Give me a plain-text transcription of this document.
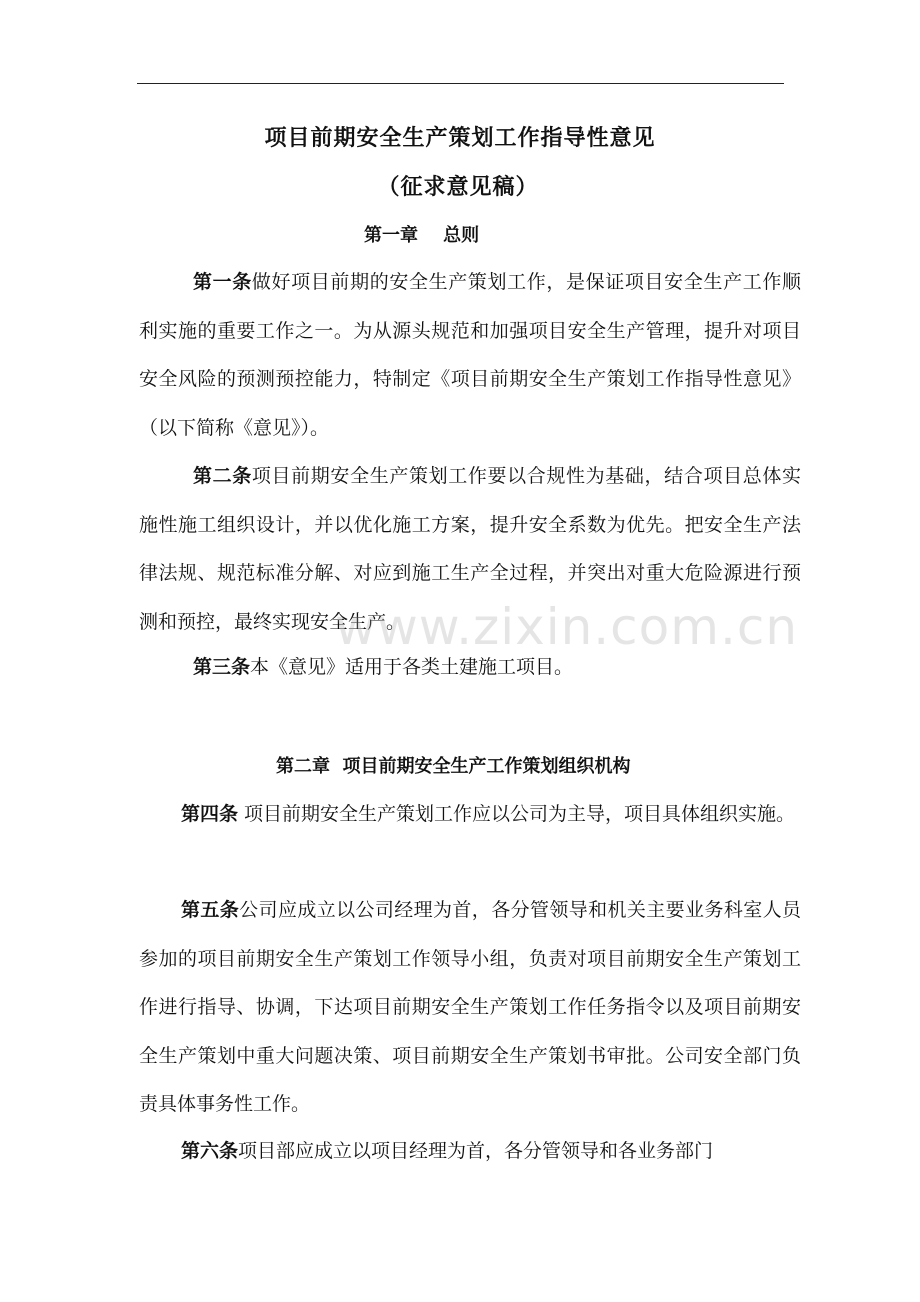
项目前期安全生产策划工作指导性意见
（征求意见稿）
第一章    总则

第一条做好项目前期的安全生产策划工作，是保证项目安全生产工作顺利实施的重要工作之一。为从源头规范和加强项目安全生产管理，提升对项目安全风险的预测预控能力，特制定《项目前期安全生产策划工作指导性意见》（以下简称《意见》）。

第二条项目前期安全生产策划工作要以合规性为基础，结合项目总体实施性施工组织设计，并以优化施工方案，提升安全系数为优先。把安全生产法律法规、规范标准分解、对应到施工生产全过程，并突出对重大危险源进行预测和预控，最终实现安全生产。

第三条本《意见》适用于各类土建施工项目。

第二章  项目前期安全生产工作策划组织机构

第四条 项目前期安全生产策划工作应以公司为主导，项目具体组织实施。

第五条公司应成立以公司经理为首，各分管领导和机关主要业务科室人员参加的项目前期安全生产策划工作领导小组，负责对项目前期安全生产策划工作进行指导、协调，下达项目前期安全生产策划工作任务指令以及项目前期安全生产策划中重大问题决策、项目前期安全生产策划书审批。公司安全部门负责具体事务性工作。

第六条项目部应成立以项目经理为首，各分管领导和各业务部门

www.zixin.com.cn
